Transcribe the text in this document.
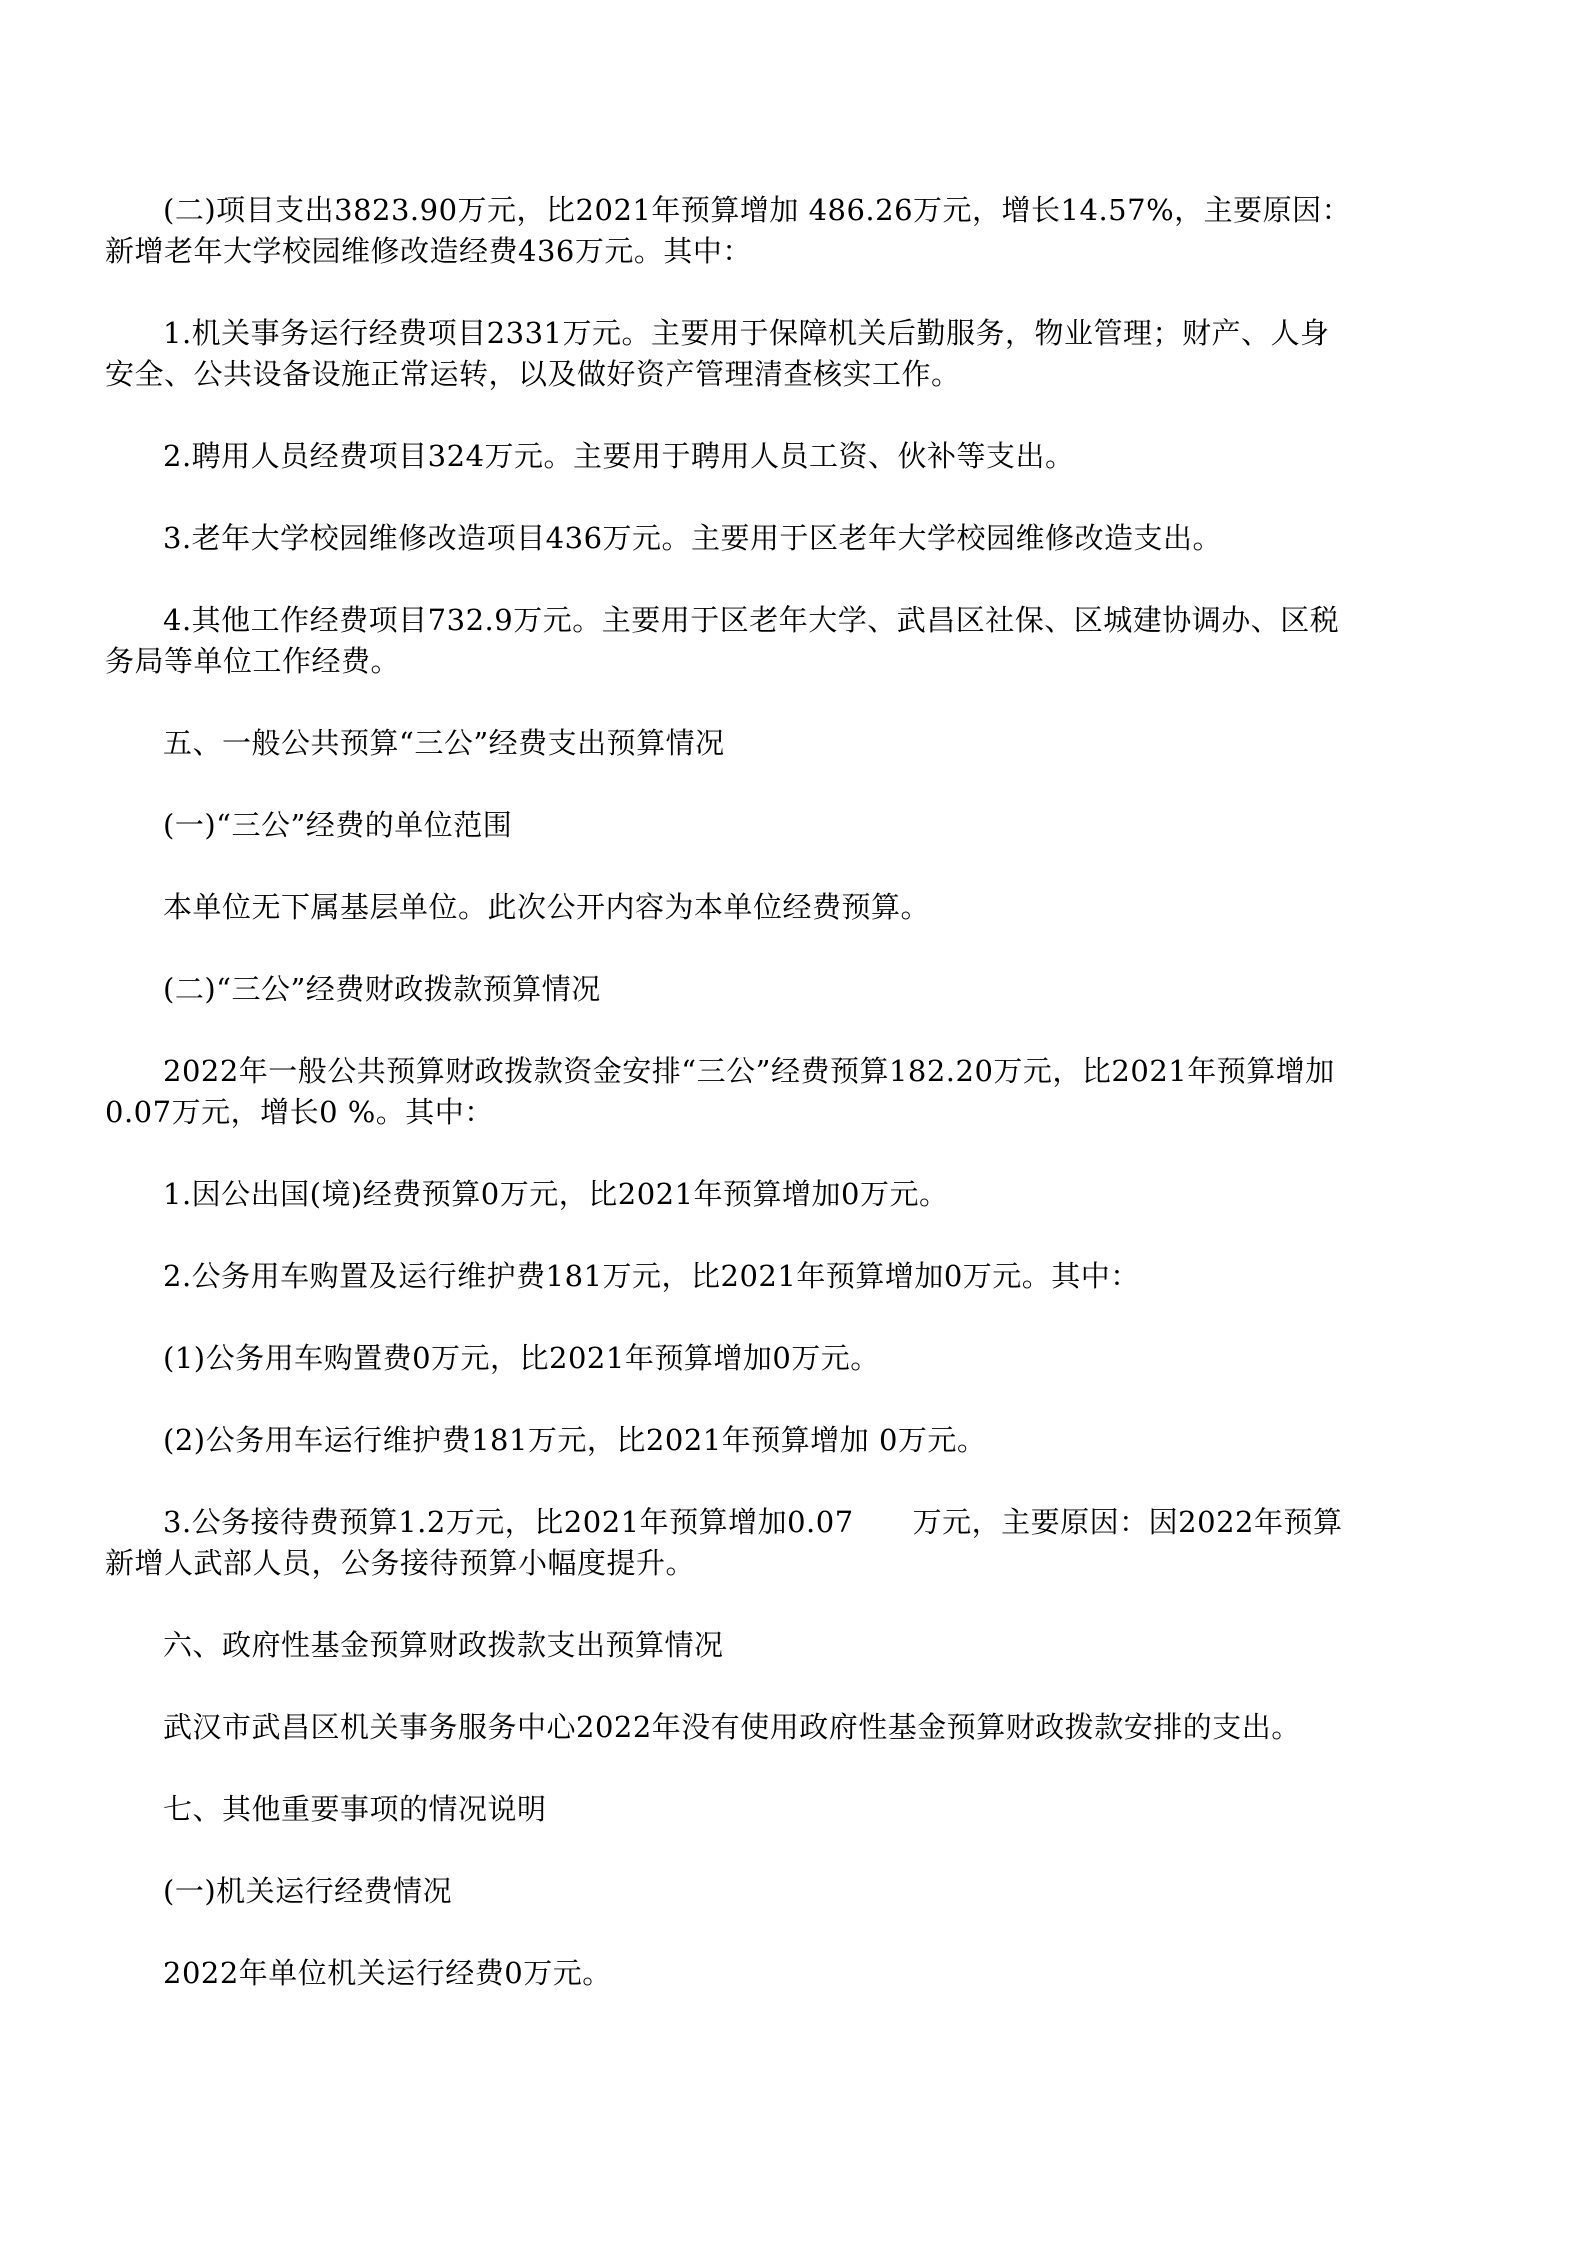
(二)项目支出3823.90万元，比2021年预算增加 486.26万元，增长14.57%，主要原因：新增老年大学校园维修改造经费436万元。其中：

1.机关事务运行经费项目2331万元。主要用于保障机关后勤服务，物业管理；财产、人身安全、公共设备设施正常运转，以及做好资产管理清查核实工作。

2.聘用人员经费项目324万元。主要用于聘用人员工资、伙补等支出。

3.老年大学校园维修改造项目436万元。主要用于区老年大学校园维修改造支出。

4.其他工作经费项目732.9万元。主要用于区老年大学、武昌区社保、区城建协调办、区税务局等单位工作经费。

五、一般公共预算“三公”经费支出预算情况

(一)“三公”经费的单位范围

本单位无下属基层单位。此次公开内容为本单位经费预算。

(二)“三公”经费财政拨款预算情况

2022年一般公共预算财政拨款资金安排“三公”经费预算182.20万元，比2021年预算增加0.07万元，增长0 %。其中：

1.因公出国(境)经费预算0万元，比2021年预算增加0万元。

2.公务用车购置及运行维护费181万元，比2021年预算增加0万元。其中：

(1)公务用车购置费0万元，比2021年预算增加0万元。

(2)公务用车运行维护费181万元，比2021年预算增加 0万元。

3.公务接待费预算1.2万元，比2021年预算增加0.07　　万元，主要原因：因2022年预算新增人武部人员，公务接待预算小幅度提升。

六、政府性基金预算财政拨款支出预算情况

武汉市武昌区机关事务服务中心2022年没有使用政府性基金预算财政拨款安排的支出。

七、其他重要事项的情况说明

(一)机关运行经费情况

2022年单位机关运行经费0万元。
